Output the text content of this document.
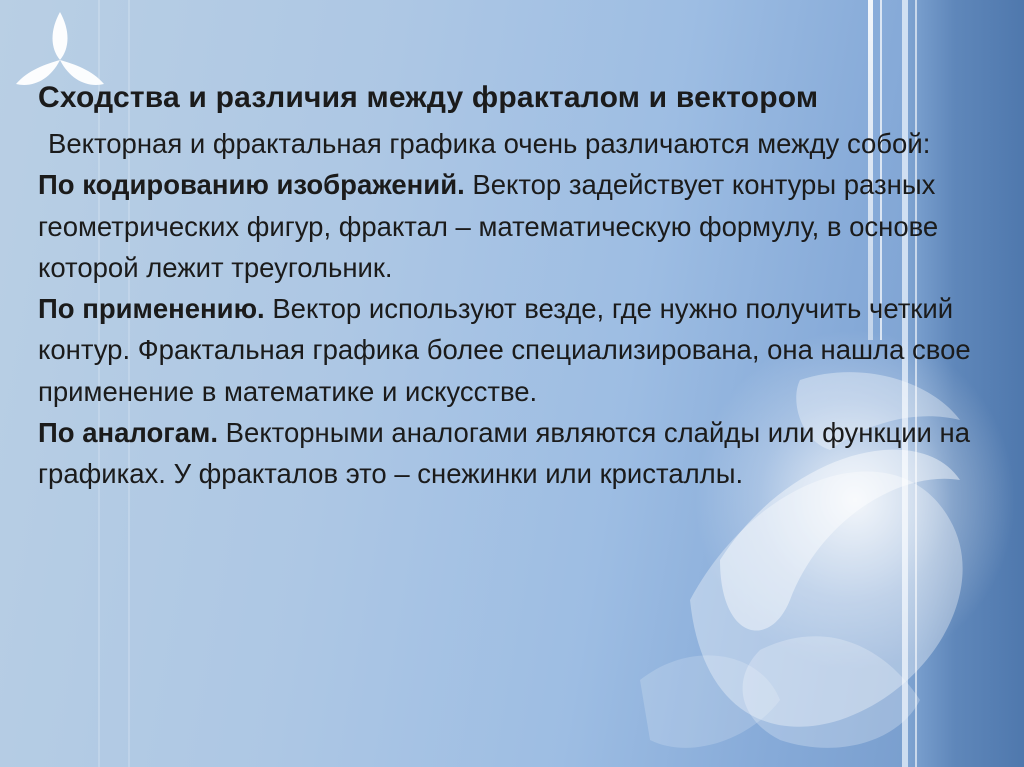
Сходства и различия между фракталом и вектором

Векторная и фрактальная графика очень различаются между собой:

По кодированию изображений. Вектор задействует контуры разных геометрических фигур, фрактал – математическую формулу, в основе которой лежит треугольник.

По применению. Вектор используют везде, где нужно получить четкий контур. Фрактальная графика более специализирована, она нашла свое применение в математике и искусстве.

По аналогам. Векторными аналогами являются слайды или функции на графиках. У фракталов это – снежинки или кристаллы.
